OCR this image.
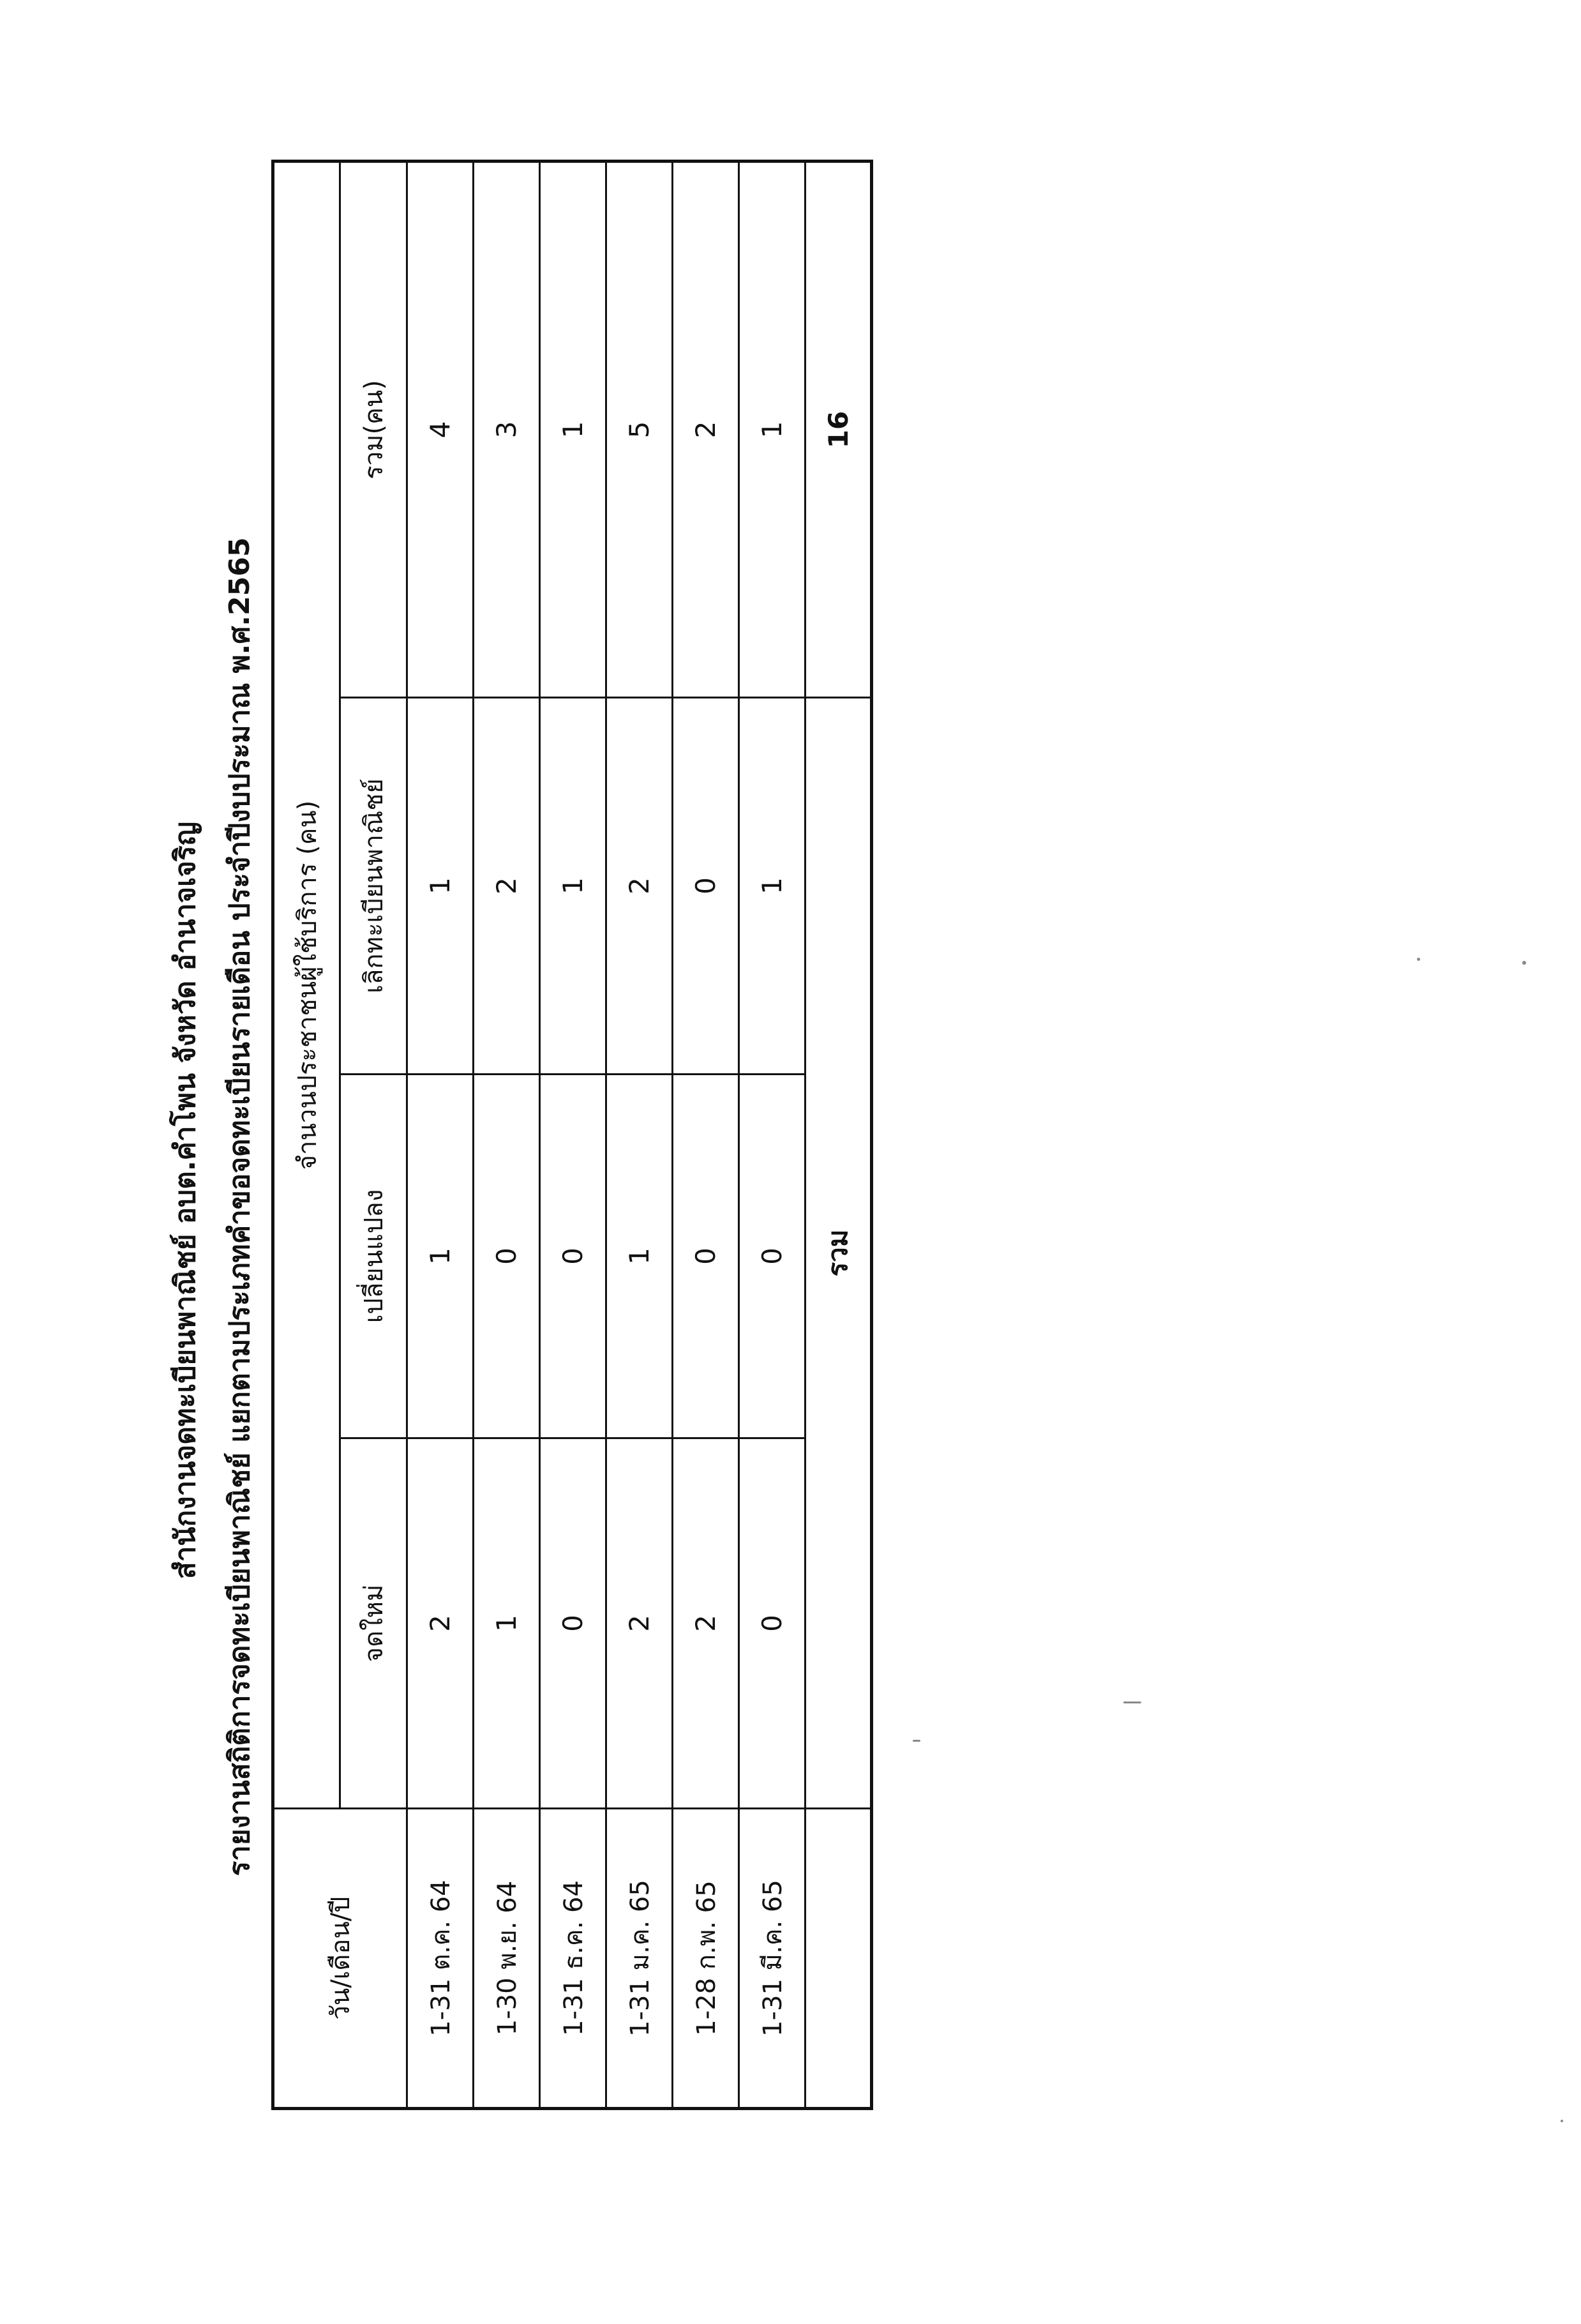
สำนักงานจดทะเบียนพาณิชย์ อบต.คำโพน จังหวัด อำนาจเจริญ รายงานสถิติการจดทะเบียนพาณิชย์ แยกตามประเภทคำขอจดทะเบียนรายเดือน ประจำปีงบประมาณ พ.ศ.2565
วัน/เดือน/ปี	จำนวนประชาชนผู้ใช้บริการ (คน)			
	จดใหม่	เปลี่ยนแปลง	เลิกทะเบียนพาณิชย์	รวม(คน)
1-31 ต.ค. 64	2	1	1	4
1-30 พ.ย. 64	1	0	2	3
1-31 ธ.ค. 64	0	0	1	1
1-31 ม.ค. 65	2	1	2	5
1-28 ก.พ. 65	2	0	0	2
1-31 มี.ค. 65	0	0	1	1
	รวม			16
